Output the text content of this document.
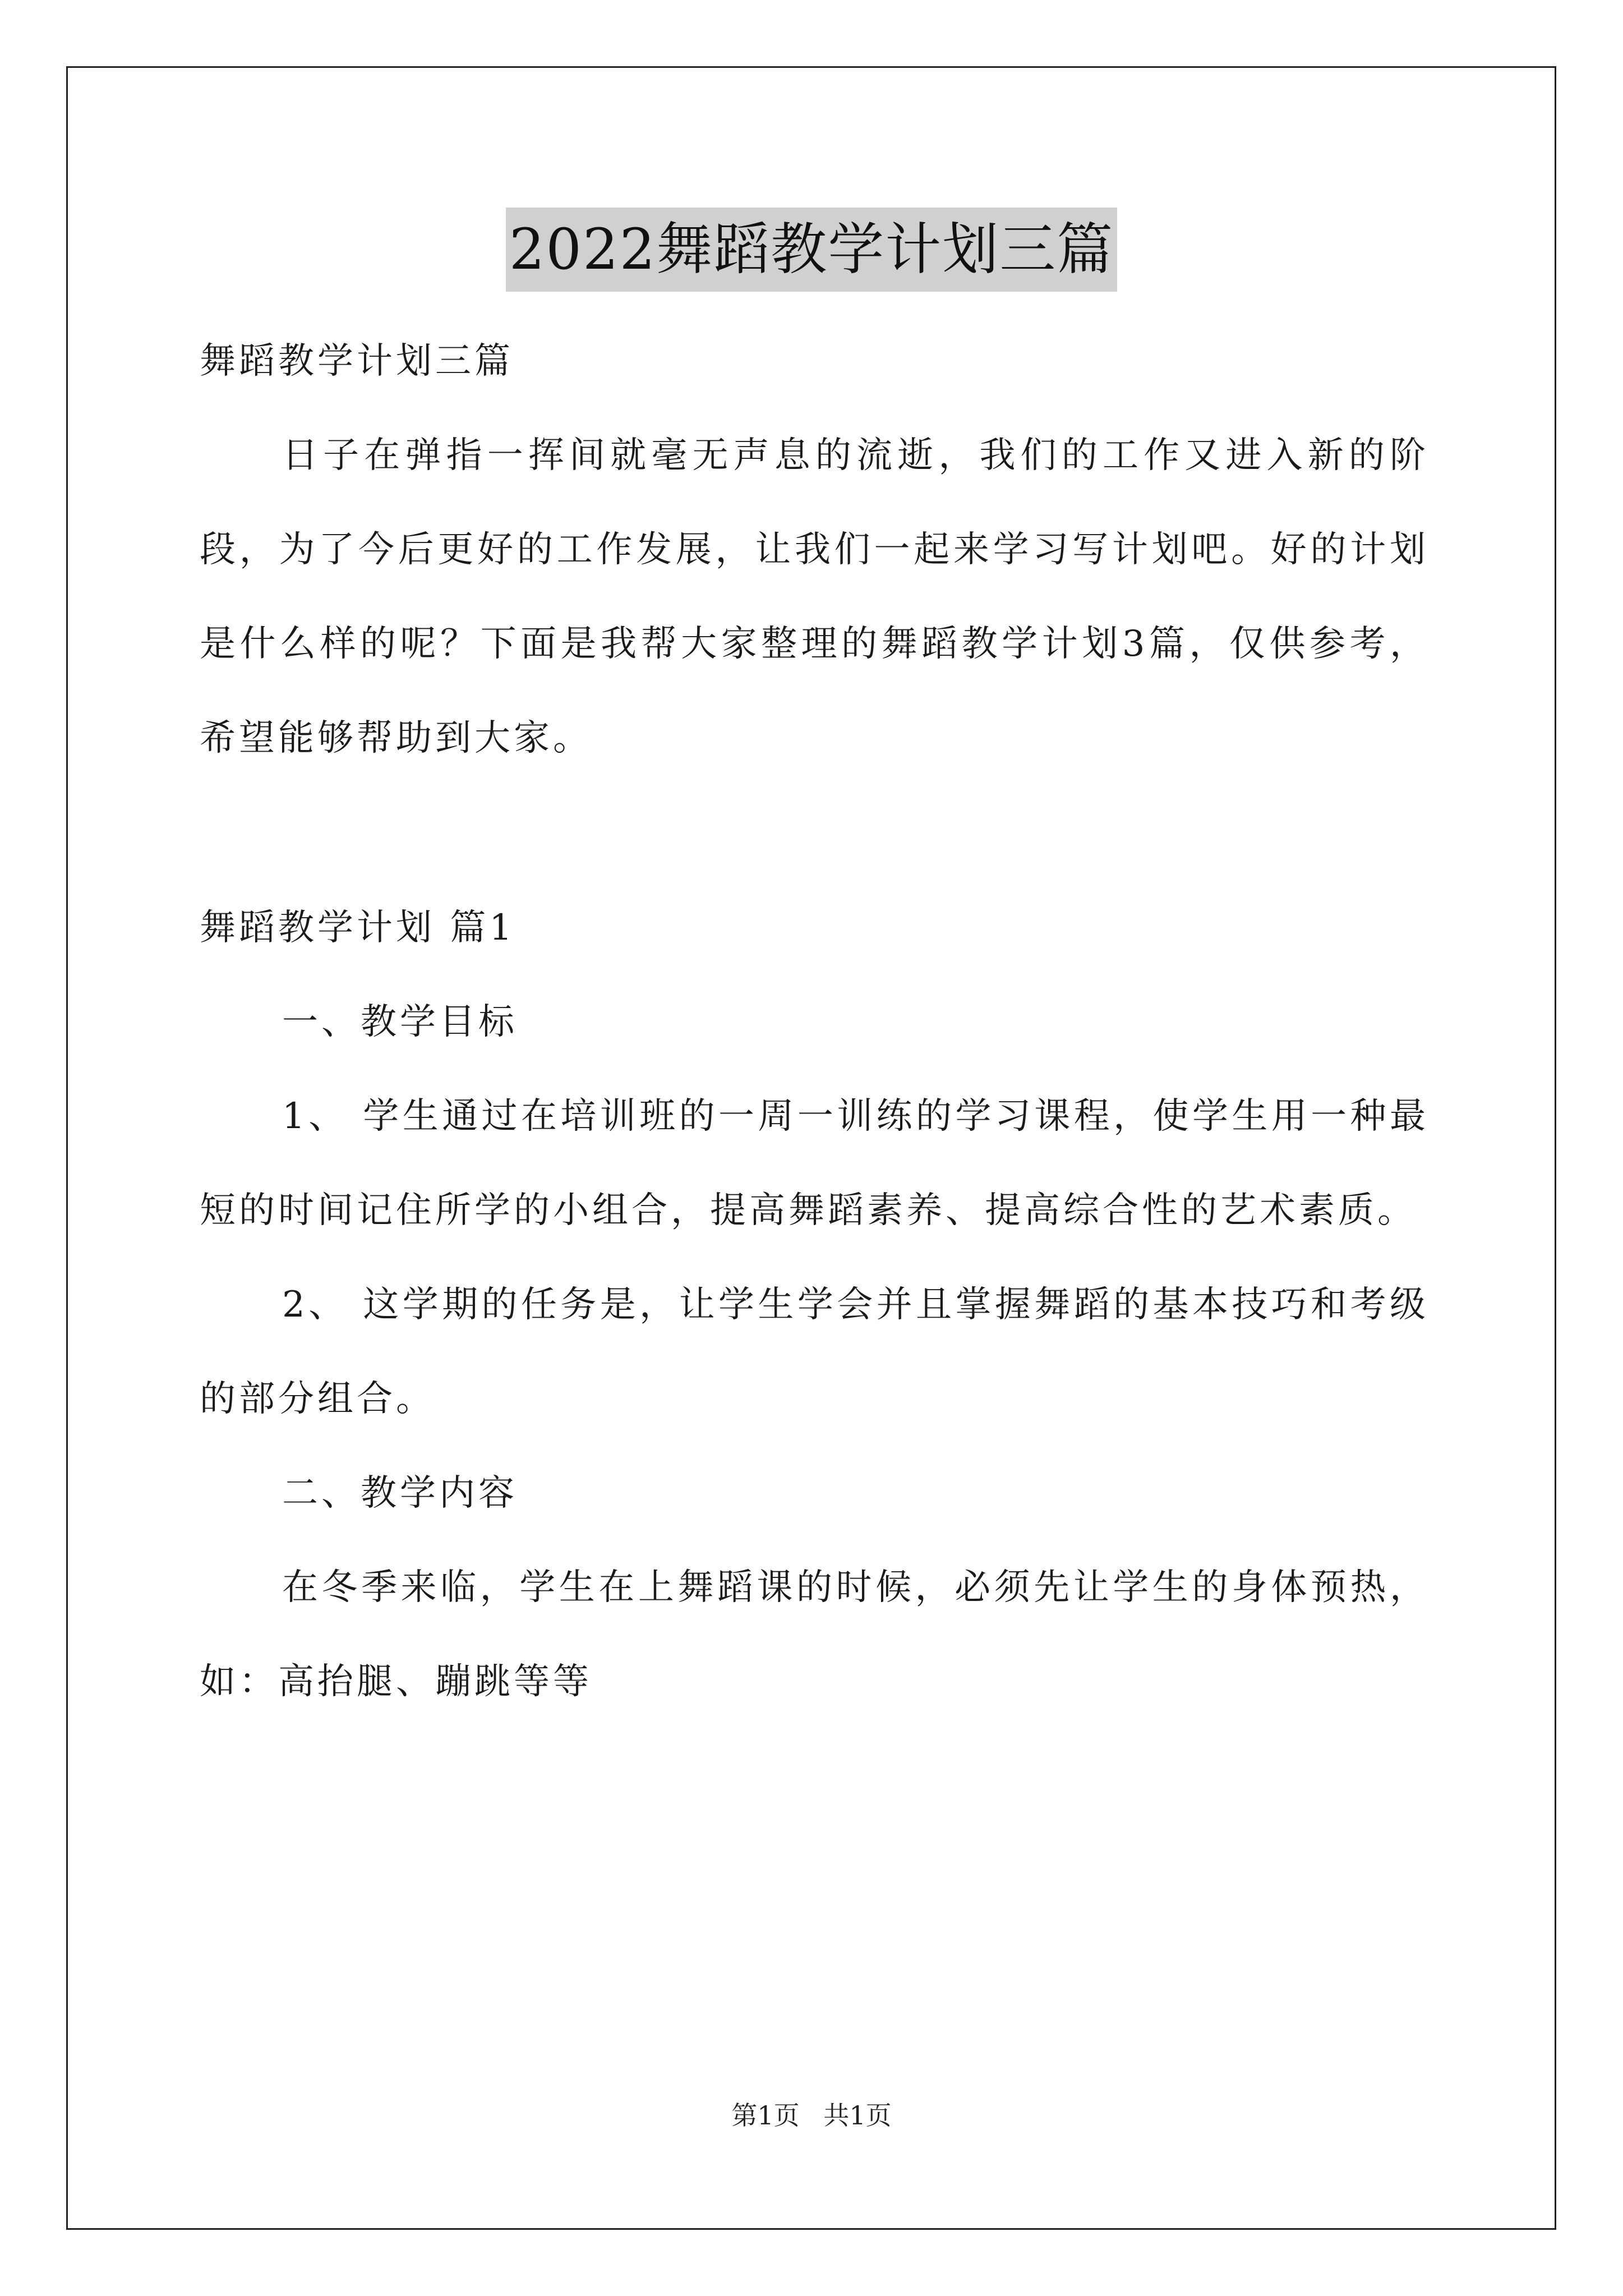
2022舞蹈教学计划三篇

舞蹈教学计划三篇

日子在弹指一挥间就毫无声息的流逝，我们的工作又进入新的阶段，为了今后更好的工作发展，让我们一起来学习写计划吧。好的计划是什么样的呢？下面是我帮大家整理的舞蹈教学计划3篇，仅供参考，希望能够帮助到大家。

舞蹈教学计划 篇1

一、教学目标

1、 学生通过在培训班的一周一训练的学习课程，使学生用一种最短的时间记住所学的小组合，提高舞蹈素养、提高综合性的艺术素质。

2、 这学期的任务是，让学生学会并且掌握舞蹈的基本技巧和考级的部分组合。

二、教学内容

在冬季来临，学生在上舞蹈课的时候，必须先让学生的身体预热，如：高抬腿、蹦跳等等

第1页 共1页
